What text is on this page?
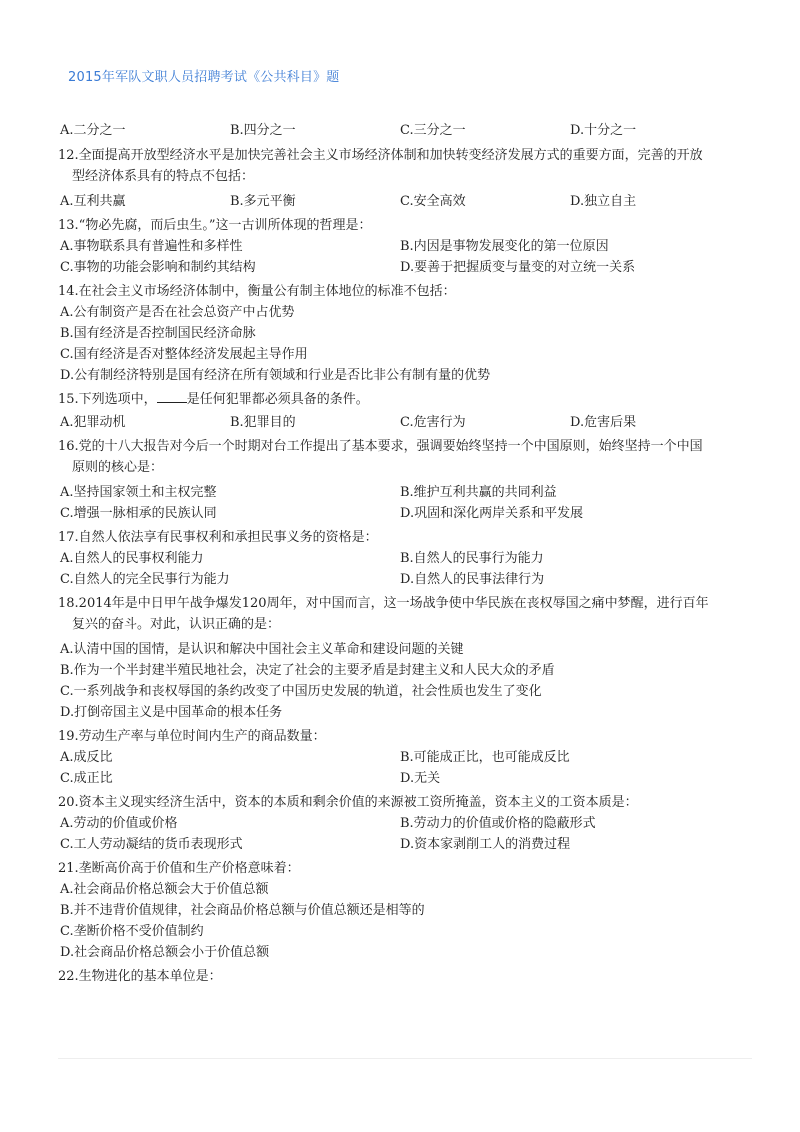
2015年军队文职人员招聘考试《公共科目》题
A.二分之一	B.四分之一	C.三分之一	D.十分之一
12.全面提高开放型经济水平是加快完善社会主义市场经济体制和加快转变经济发展方式的重要方面，完善的开放
型经济体系具有的特点不包括：
A.互利共赢	B.多元平衡	C.安全高效	D.独立自主
13.“物必先腐，而后虫生。”这一古训所体现的哲理是：
A.事物联系具有普遍性和多样性	B.内因是事物发展变化的第一位原因
C.事物的功能会影响和制约其结构	D.要善于把握质变与量变的对立统一关系
14.在社会主义市场经济体制中，衡量公有制主体地位的标准不包括：
A.公有制资产是否在社会总资产中占优势
B.国有经济是否控制国民经济命脉
C.国有经济是否对整体经济发展起主导作用
D.公有制经济特别是国有经济在所有领域和行业是否比非公有制有量的优势
15.下列选项中， 是任何犯罪都必须具备的条件。
A.犯罪动机	B.犯罪目的	C.危害行为	D.危害后果
16.党的十八大报告对今后一个时期对台工作提出了基本要求，强调要始终坚持一个中国原则，始终坚持一个中国
原则的核心是：
A.坚持国家领土和主权完整	B.维护互利共赢的共同利益
C.增强一脉相承的民族认同	D.巩固和深化两岸关系和平发展
17.自然人依法享有民事权利和承担民事义务的资格是：
A.自然人的民事权利能力	B.自然人的民事行为能力
C.自然人的完全民事行为能力	D.自然人的民事法律行为
18.2014年是中日甲午战争爆发120周年，对中国而言，这一场战争使中华民族在丧权辱国之痛中梦醒，进行百年
复兴的奋斗。对此，认识正确的是：
A.认清中国的国情，是认识和解决中国社会主义革命和建设问题的关键
B.作为一个半封建半殖民地社会，决定了社会的主要矛盾是封建主义和人民大众的矛盾
C.一系列战争和丧权辱国的条约改变了中国历史发展的轨道，社会性质也发生了变化
D.打倒帝国主义是中国革命的根本任务
19.劳动生产率与单位时间内生产的商品数量：
A.成反比	B.可能成正比，也可能成反比
C.成正比	D.无关
20.资本主义现实经济生活中，资本的本质和剩余价值的来源被工资所掩盖，资本主义的工资本质是：
A.劳动的价值或价格	B.劳动力的价值或价格的隐蔽形式
C.工人劳动凝结的货币表现形式	D.资本家剥削工人的消费过程
21.垄断高价高于价值和生产价格意味着：
A.社会商品价格总额会大于价值总额
B.并不违背价值规律，社会商品价格总额与价值总额还是相等的
C.垄断价格不受价值制约
D.社会商品价格总额会小于价值总额
22.生物进化的基本单位是：
